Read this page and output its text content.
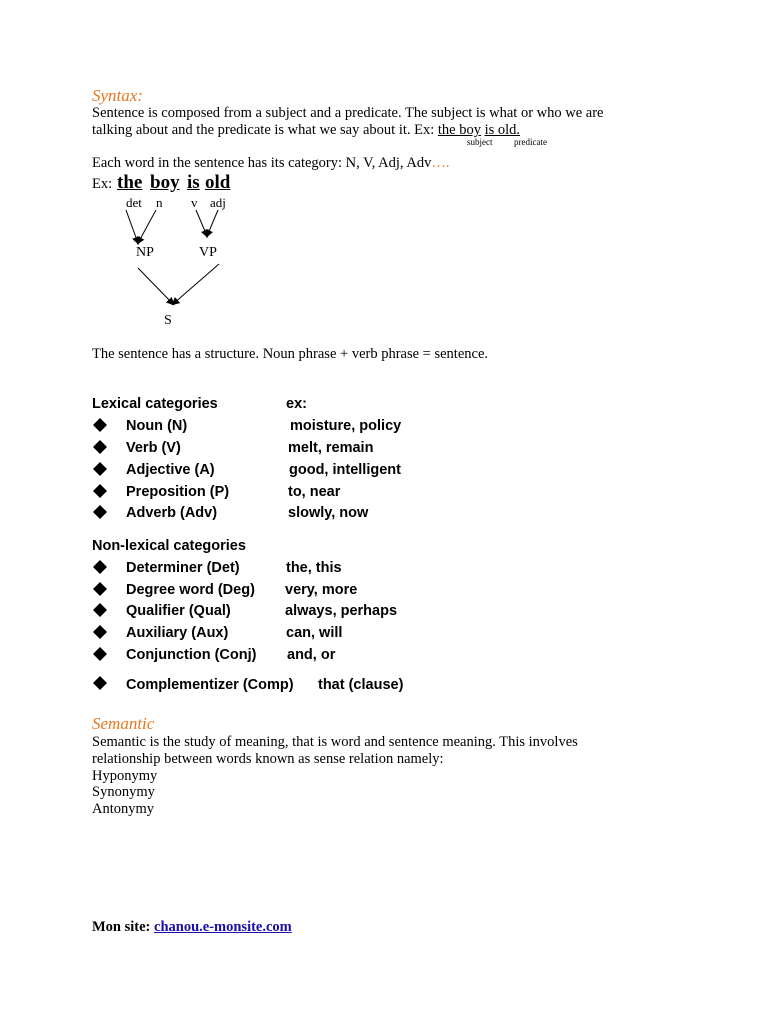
Syntax:
Sentence is composed from a subject and a predicate. The subject is what or who we are
talking about and the predicate is what we say about it. Ex: the boy is old.
subject predicate
Each word in the sentence has its category: N, V, Adj, Adv….
Ex: the boy is old
det n v adj
NP	VP
S
The sentence has a structure. Noun phrase + verb phrase = sentence.
Lexical categories	ex:
Noun (N)	moisture, policy
Verb (V)	melt, remain
Adjective (A)	good, intelligent
Preposition (P)	to, near
Adverb (Adv)	slowly, now
Non-lexical categories
Determiner (Det)	the, this
Degree word (Deg) very, more
Qualifier (Qual)	always, perhaps
Auxiliary (Aux)	can, will
Conjunction (Conj) and, or
Complementizer (Comp) that (clause)
Semantic
Semantic is the study of meaning, that is word and sentence meaning. This involves
relationship between words known as sense relation namely:
Hyponymy
Synonymy
Antonymy
Mon site: chanou.e-monsite.com
